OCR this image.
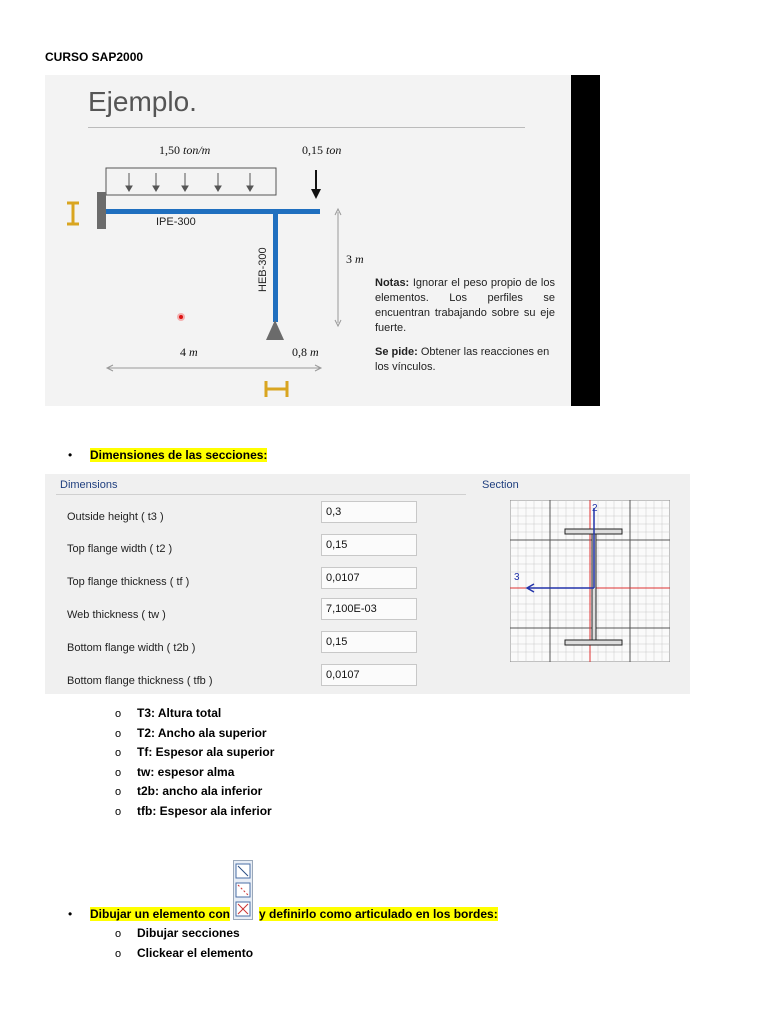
CURSO SAP2000
Ejemplo.
1,50 ton/m	0,15 ton
IPE-300
HEB-300	3 m
4 m	0,8 m
Notas: Ignorar el peso propio de los elementos. Los perfiles se encuentran trabajando sobre su eje fuerte.
Se pide: Obtener las reacciones en los vínculos.
• Dimensiones de las secciones:
Dimensions	Section
Outside height ( t3 )	0,3
Top flange width ( t2 )	0,15
Top flange thickness ( tf )	0,0107
Web thickness ( tw )	7,100E-03
Bottom flange width ( t2b )	0,15
Bottom flange thickness ( tfb )	0,0107
2
3
o T3: Altura total
o T2: Ancho ala superior
o Tf: Espesor ala superior
o tw: espesor alma
o t2b: ancho ala inferior
o tfb: Espesor ala inferior
• Dibujar un elemento con y definirlo como articulado en los bordes:
o Dibujar secciones
o Clickear el elemento
